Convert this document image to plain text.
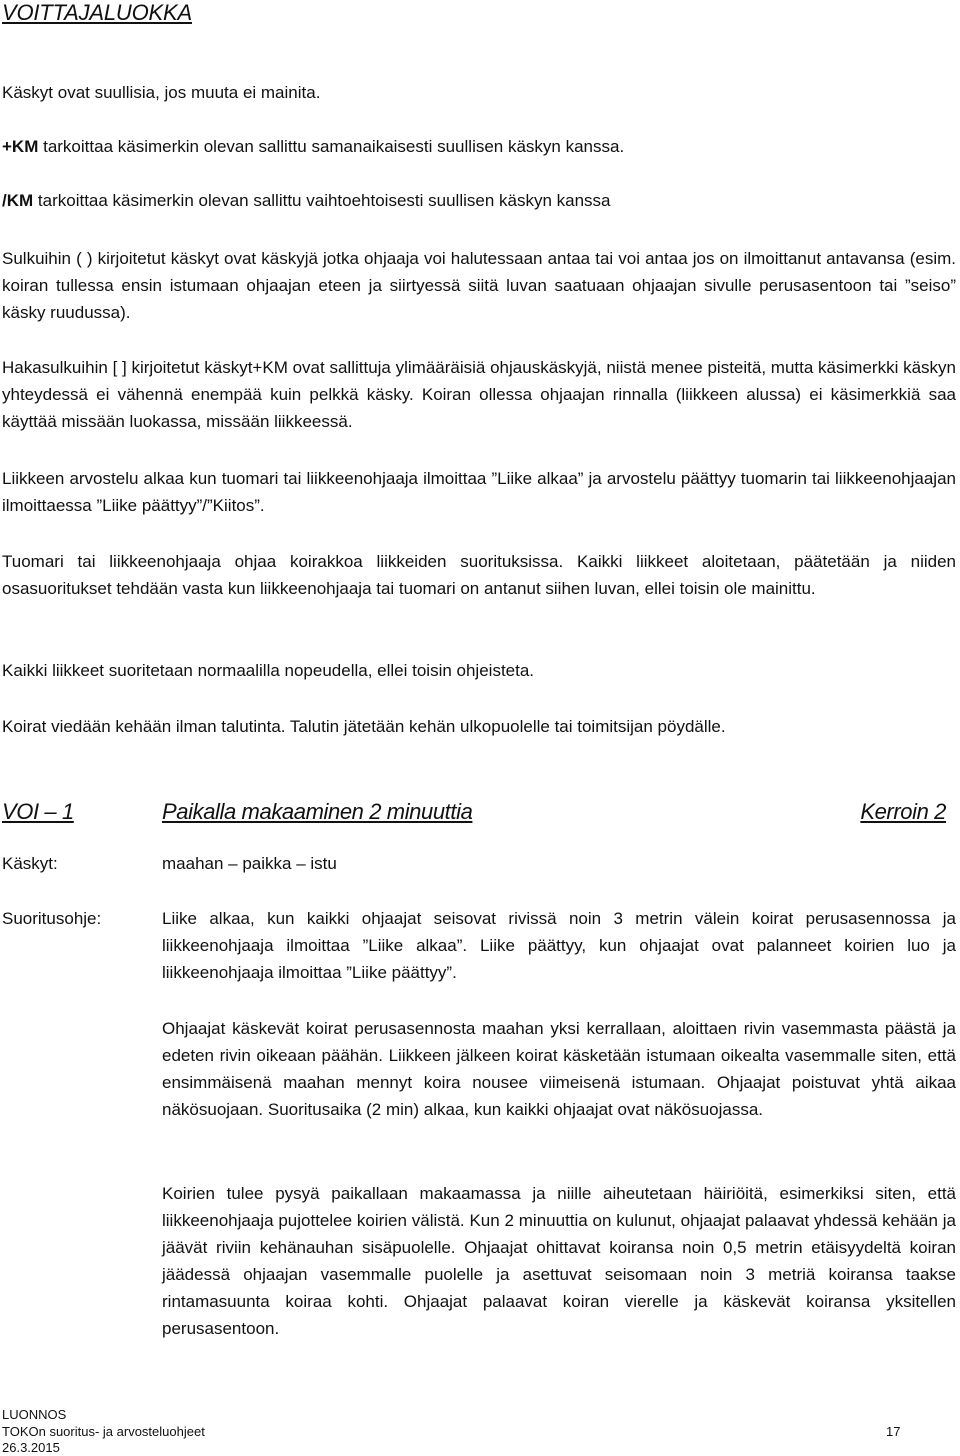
VOITTAJALUOKKA

Käskyt ovat suullisia, jos muuta ei mainita.

+KM tarkoittaa käsimerkin olevan sallittu samanaikaisesti suullisen käskyn kanssa.

/KM tarkoittaa käsimerkin olevan sallittu vaihtoehtoisesti suullisen käskyn kanssa

Sulkuihin ( ) kirjoitetut käskyt ovat käskyjä jotka ohjaaja voi halutessaan antaa tai voi antaa jos on ilmoittanut antavansa (esim. koiran tullessa ensin istumaan ohjaajan eteen ja siirtyessä siitä luvan saatuaan ohjaajan sivulle perusasentoon tai ”seiso” käsky ruudussa).

Hakasulkuihin [ ] kirjoitetut käskyt+KM ovat sallittuja ylimääräisiä ohjauskäskyjä, niistä menee pisteitä, mutta käsimerkki käskyn yhteydessä ei vähennä enempää kuin pelkkä käsky. Koiran ollessa ohjaajan rinnalla (liikkeen alussa) ei käsimerkkiä saa käyttää missään luokassa, missään liikkeessä.

Liikkeen arvostelu alkaa kun tuomari tai liikkeenohjaaja ilmoittaa ”Liike alkaa” ja arvostelu päättyy tuomarin tai liikkeenohjaajan ilmoittaessa ”Liike päättyy”/”Kiitos”.

Tuomari tai liikkeenohjaaja ohjaa koirakkoa liikkeiden suorituksissa. Kaikki liikkeet aloitetaan, päätetään ja niiden osasuoritukset tehdään vasta kun liikkeenohjaaja tai tuomari on antanut siihen luvan, ellei toisin ole mainittu.

Kaikki liikkeet suoritetaan normaalilla nopeudella, ellei toisin ohjeisteta.

Koirat viedään kehään ilman talutinta. Talutin jätetään kehän ulkopuolelle tai toimitsijan pöydälle.

VOI – 1	Paikalla makaaminen 2 minuuttia	Kerroin 2

Käskyt:	maahan – paikka – istu

Suoritusohje:	Liike alkaa, kun kaikki ohjaajat seisovat rivissä noin 3 metrin välein koirat perusasennossa ja liikkeenohjaaja ilmoittaa ”Liike alkaa”. Liike päättyy, kun ohjaajat ovat palanneet koirien luo ja liikkeenohjaaja ilmoittaa ”Liike päättyy”.

Ohjaajat käskevät koirat perusasennosta maahan yksi kerrallaan, aloittaen rivin vasemmasta päästä ja edeten rivin oikeaan päähän. Liikkeen jälkeen koirat käsketään istumaan oikealta vasemmalle siten, että ensimmäisenä maahan mennyt koira nousee viimeisenä istumaan. Ohjaajat poistuvat yhtä aikaa näkösuojaan. Suoritusaika (2 min) alkaa, kun kaikki ohjaajat ovat näkösuojassa.

Koirien tulee pysyä paikallaan makaamassa ja niille aiheutetaan häiriöitä, esimerkiksi siten, että liikkeenohjaaja pujottelee koirien välistä. Kun 2 minuuttia on kulunut, ohjaajat palaavat yhdessä kehään ja jäävät riviin kehänauhan sisäpuolelle. Ohjaajat ohittavat koiransa noin 0,5 metrin etäisyydeltä koiran jäädessä ohjaajan vasemmalle puolelle ja asettuvat seisomaan noin 3 metriä koiransa taakse rintamasuunta koiraa kohti. Ohjaajat palaavat koiran vierelle ja käskevät koiransa yksitellen perusasentoon.

LUONNOS

TOKOn suoritus- ja arvosteluohjeet

26.3.2015

17
